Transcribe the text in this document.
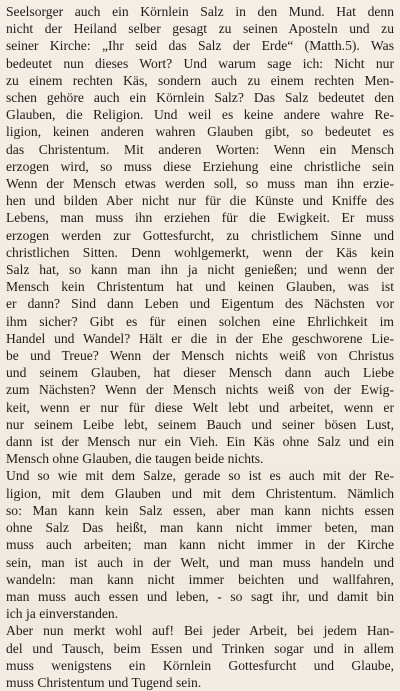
Seelsorger auch ein Körnlein Salz in den Mund. Hat denn
nicht der Heiland selber gesagt zu seinen Aposteln und zu
seiner Kirche: „Ihr seid das Salz der Erde“ (Matth.5). Was
bedeutet nun dieses Wort? Und warum sage ich: Nicht nur
zu einem rechten Käs, sondern auch zu einem rechten Men-
schen gehöre auch ein Körnlein Salz? Das Salz bedeutet den
Glauben, die Religion. Und weil es keine andere wahre Re-
ligion, keinen anderen wahren Glauben gibt, so bedeutet es
das Christentum. Mit anderen Worten: Wenn ein Mensch
erzogen wird, so muss diese Erziehung eine christliche sein
Wenn der Mensch etwas werden soll, so muss man ihn erzie-
hen und bilden Aber nicht nur für die Künste und Kniffe des
Lebens, man muss ihn erziehen für die Ewigkeit. Er muss
erzogen werden zur Gottesfurcht, zu christlichem Sinne und
christlichen Sitten. Denn wohlgemerkt, wenn der Käs kein
Salz hat, so kann man ihn ja nicht genießen; und wenn der
Mensch kein Christentum hat und keinen Glauben, was ist
er dann? Sind dann Leben und Eigentum des Nächsten vor
ihm sicher? Gibt es für einen solchen eine Ehrlichkeit im
Handel und Wandel? Hält er die in der Ehe geschworene Lie-
be und Treue? Wenn der Mensch nichts weiß von Christus
und seinem Glauben, hat dieser Mensch dann auch Liebe
zum Nächsten? Wenn der Mensch nichts weiß von der Ewig-
keit, wenn er nur für diese Welt lebt und arbeitet, wenn er
nur seinem Leibe lebt, seinem Bauch und seiner bösen Lust,
dann ist der Mensch nur ein Vieh. Ein Käs ohne Salz und ein
Mensch ohne Glauben, die taugen beide nichts.
Und so wie mit dem Salze, gerade so ist es auch mit der Re-
ligion, mit dem Glauben und mit dem Christentum. Nämlich
so: Man kann kein Salz essen, aber man kann nichts essen
ohne Salz Das heißt, man kann nicht immer beten, man
muss auch arbeiten; man kann nicht immer in der Kirche
sein, man ist auch in der Welt, und man muss handeln und
wandeln: man kann nicht immer beichten und wallfahren,
man muss auch essen und leben, - so sagt ihr, und damit bin
ich ja einverstanden.
Aber nun merkt wohl auf! Bei jeder Arbeit, bei jedem Han-
del und Tausch, beim Essen und Trinken sogar und in allem
muss wenigstens ein Körnlein Gottesfurcht und Glaube,
muss Christentum und Tugend sein.
